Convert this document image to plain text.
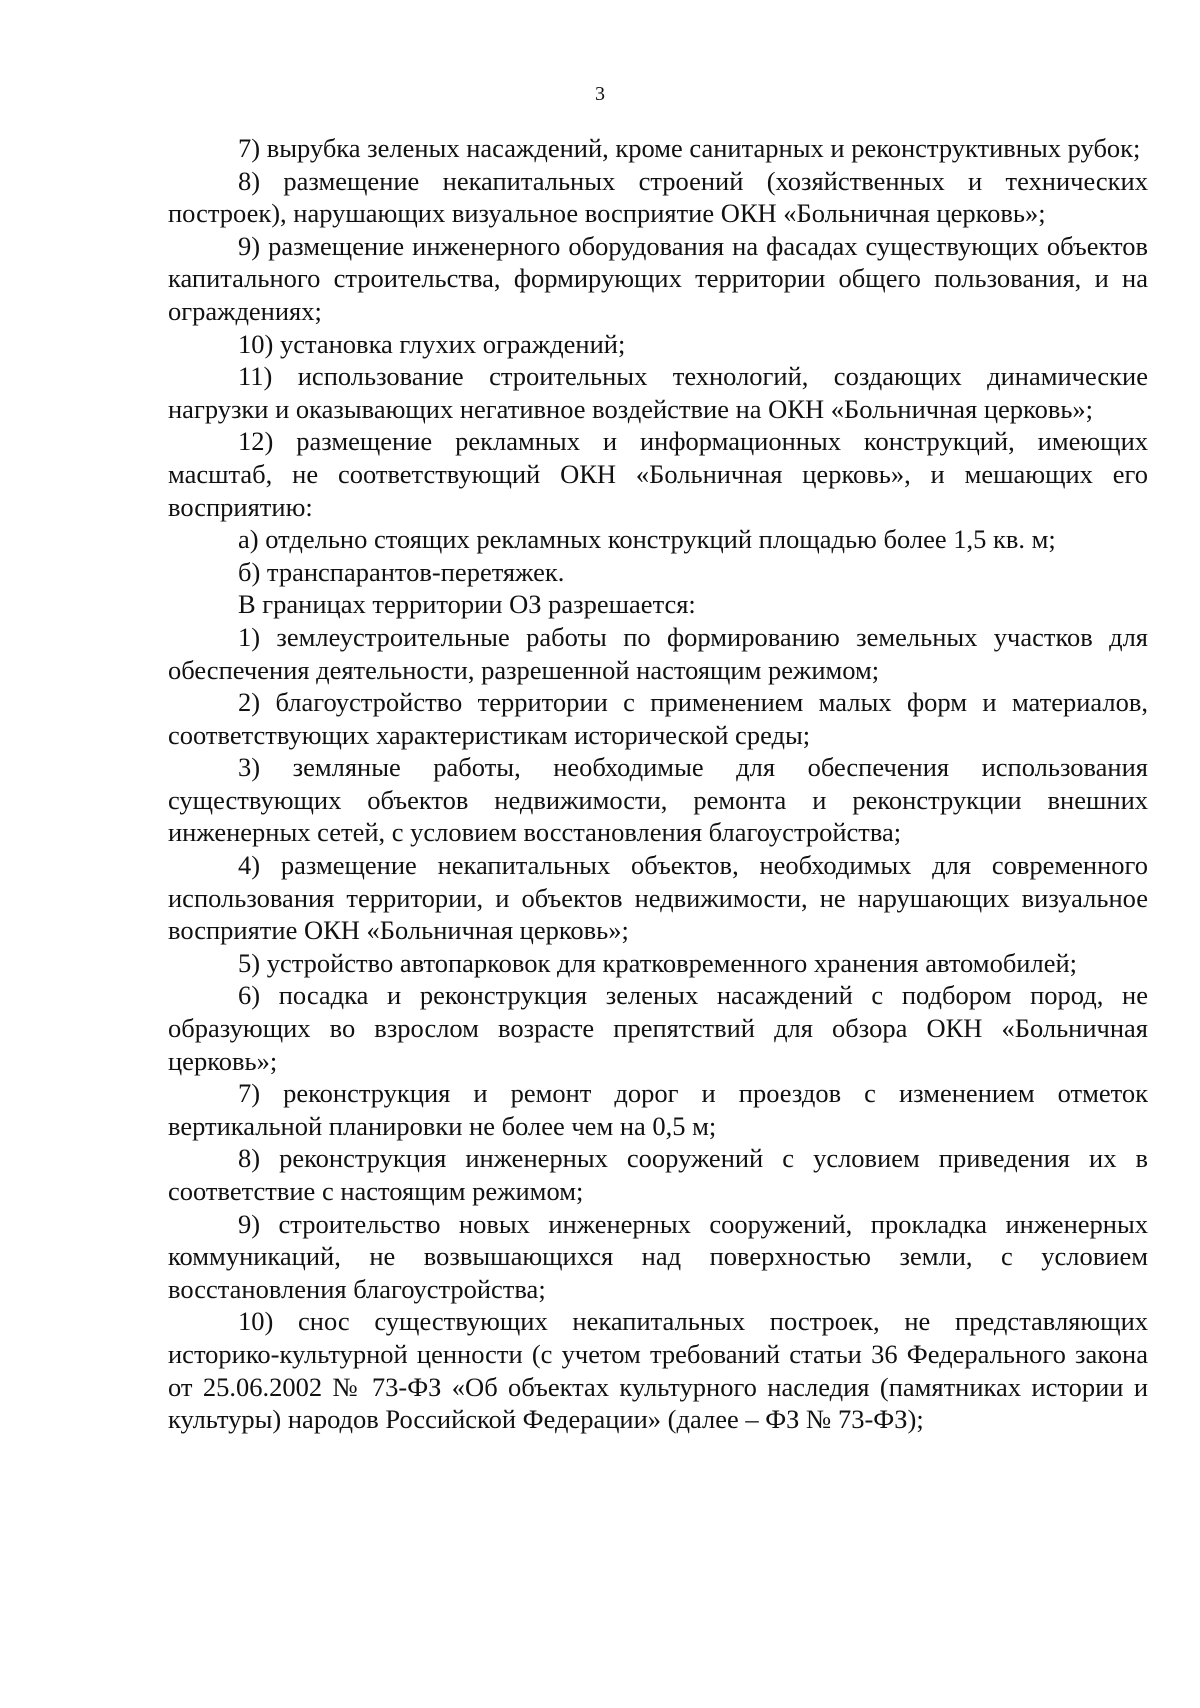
3

7) вырубка зеленых насаждений, кроме санитарных и реконструктивных рубок;

8) размещение некапитальных строений (хозяйственных и технических построек), нарушающих визуальное восприятие ОКН «Больничная церковь»;

9) размещение инженерного оборудования на фасадах существующих объектов капитального строительства, формирующих территории общего пользования, и на ограждениях;

10) установка глухих ограждений;

11) использование строительных технологий, создающих динамические нагрузки и оказывающих негативное воздействие на ОКН «Больничная церковь»;

12) размещение рекламных и информационных конструкций, имеющих масштаб, не соответствующий ОКН «Больничная церковь», и мешающих его восприятию:

а) отдельно стоящих рекламных конструкций площадью более 1,5 кв. м;

б) транспарантов-перетяжек.

В границах территории ОЗ разрешается:

1) землеустроительные работы по формированию земельных участков для обеспечения деятельности, разрешенной настоящим режимом;

2) благоустройство территории с применением малых форм и материалов, соответствующих характеристикам исторической среды;

3) земляные работы, необходимые для обеспечения использования существующих объектов недвижимости, ремонта и реконструкции внешних инженерных сетей, с условием восстановления благоустройства;

4) размещение некапитальных объектов, необходимых для современного использования территории, и объектов недвижимости, не нарушающих визуальное восприятие ОКН «Больничная церковь»;

5) устройство автопарковок для кратковременного хранения автомобилей;

6) посадка и реконструкция зеленых насаждений с подбором пород, не образующих во взрослом возрасте препятствий для обзора ОКН «Больничная церковь»;

7) реконструкция и ремонт дорог и проездов с изменением отметок вертикальной планировки не более чем на 0,5 м;

8) реконструкция инженерных сооружений с условием приведения их в соответствие с настоящим режимом;

9) строительство новых инженерных сооружений, прокладка инженерных коммуникаций, не возвышающихся над поверхностью земли, с условием восстановления благоустройства;

10) снос существующих некапитальных построек, не представляющих историко-культурной ценности (с учетом требований статьи 36 Федерального закона от 25.06.2002 № 73-ФЗ «Об объектах культурного наследия (памятниках истории и культуры) народов Российской Федерации» (далее – ФЗ № 73-ФЗ);
